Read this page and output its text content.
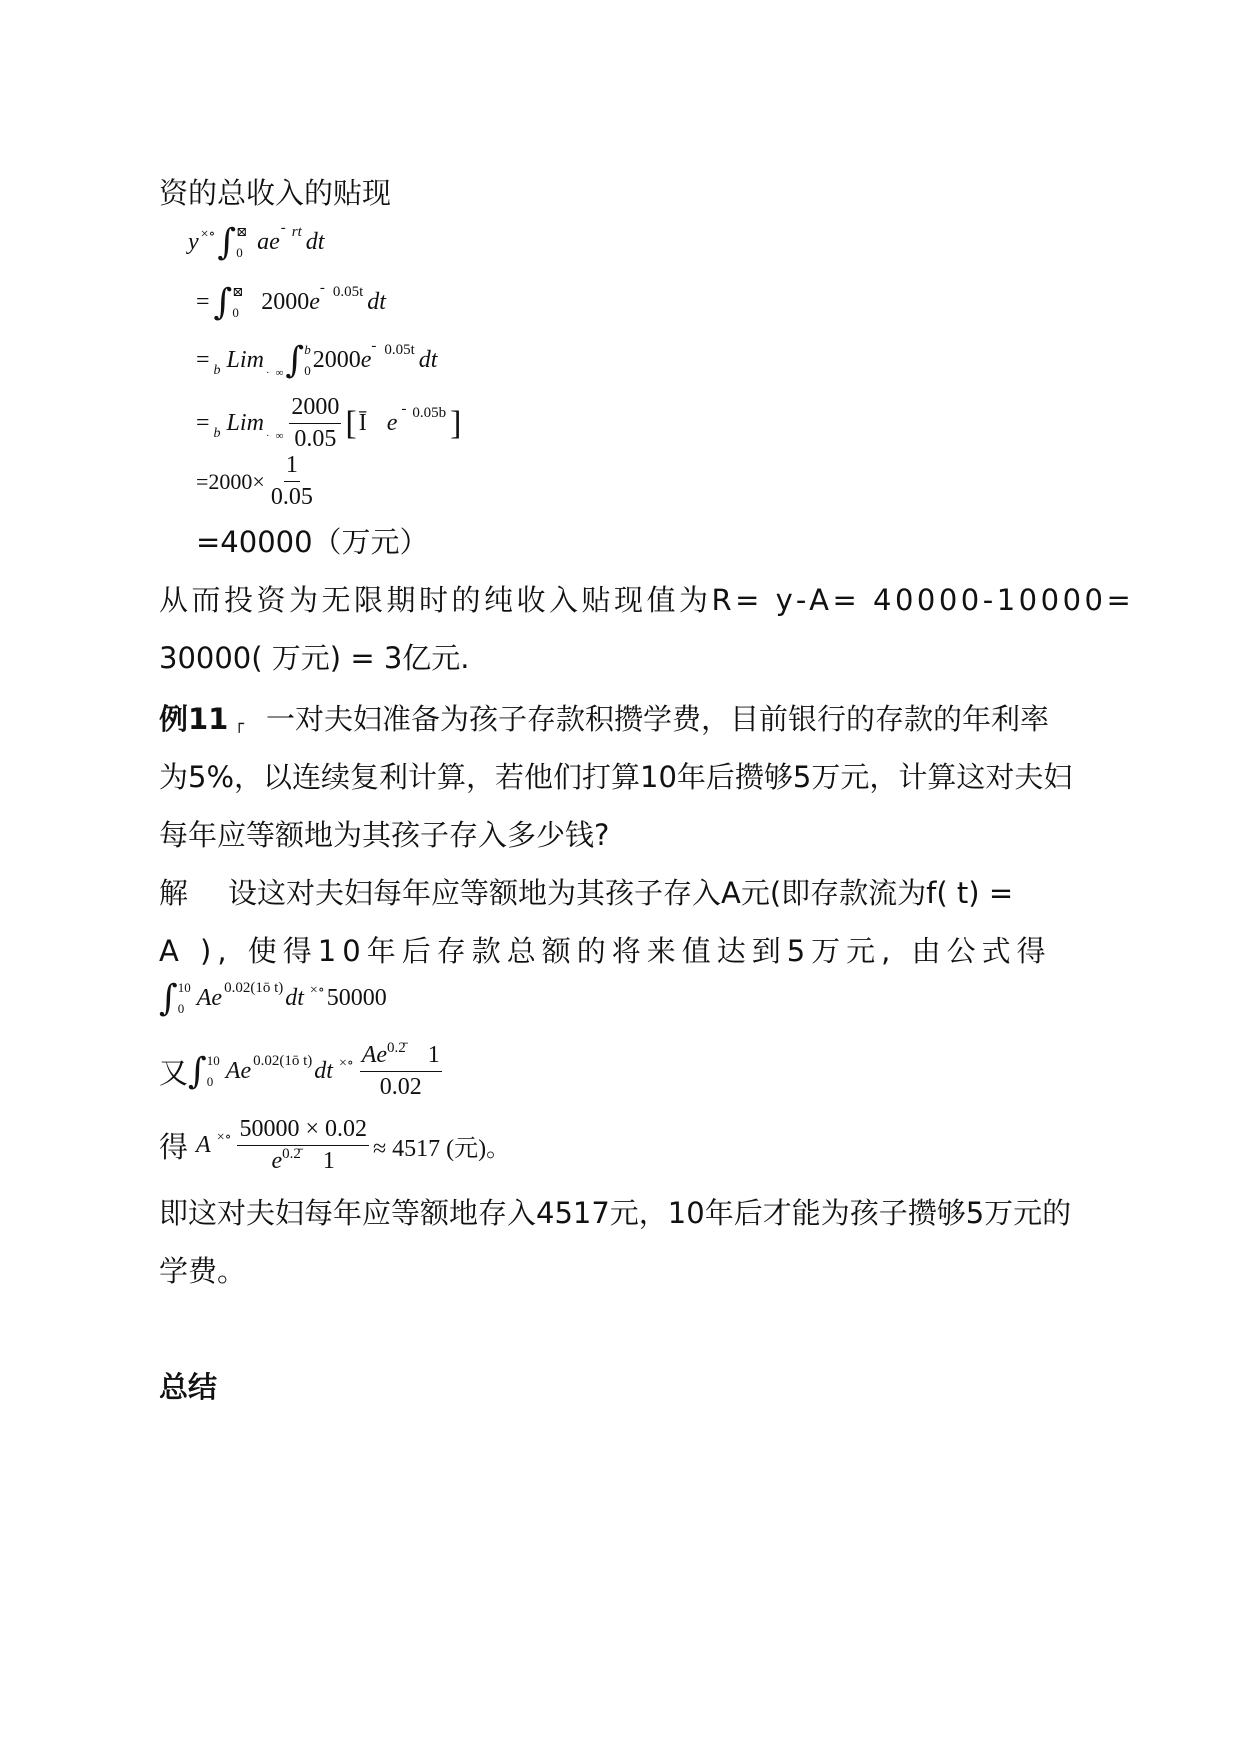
资的总收入的贴现
y ×∘ ∫ ⊠
0 ae
- rt dt
= ∫ ⊠
0 2000 e
- 0.05t dt
= b Lim · ∞ ∫ b
0 2000 e
- 0.05t dt
= b Lim · ∞ $\frac{2000}{0.05}$ [ Ī e
- 0.05b ]
= $2000 \times \frac{1}{0.05}$
=40000（万元）
从而投资为无限期时的纯收入贴现值为R= y-A= 40000-10000=
30000( 万元) = 3亿元.
例11 ┌ 一对夫妇准备为孩子存款积攒学费，目前银行的存款的年利率
为5%，以连续复利计算，若他们打算10年后攒够5万元，计算这对夫妇
每年应等额地为其孩子存入多少钱?
解 设这对夫妇每年应等额地为其孩子存入A元(即存款流为f( t) =
A ), 使得10年后存款总额的将来值达到5万元, 由公式得
∫ 10
0 Ae 0.02(1ō t) dt ×∘ 50000
又 ∫ 10
0 Ae 0.02(1ō t) dt ×∘ $\frac{Ae^{0.2̄} 1}{0.02}$
得 A ×∘ $\frac{50000 \times 0.02}{e^{0.2̄} 1} \approx 4517$ (元)。
即这对夫妇每年应等额地存入4517元，10年后才能为孩子攒够5万元的
学费。
总结
